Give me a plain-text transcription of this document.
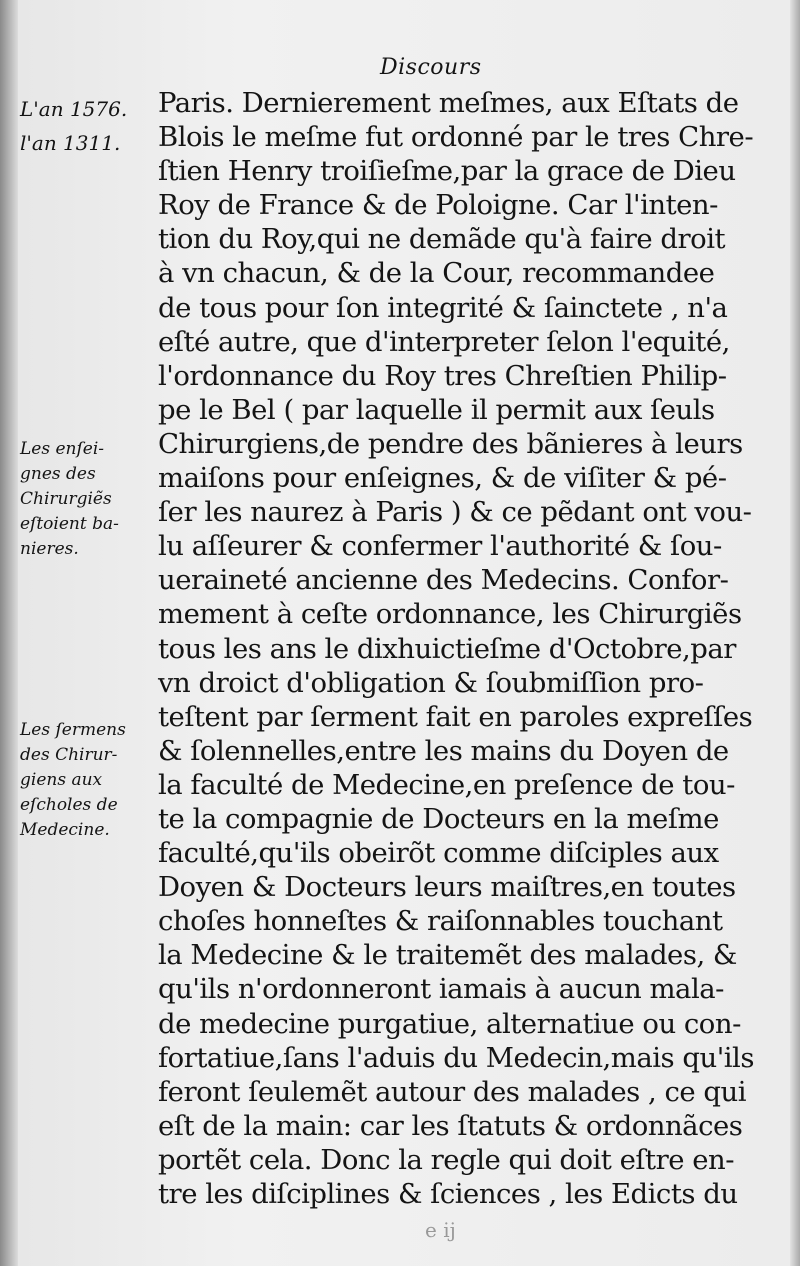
Discours
L'an 1576.
l'an 1311.
Les enſei-
gnes des
Chirurgiẽs
eſtoient ba-
nieres.
Les ſermens
des Chirur-
giens aux
eſcholes de
Medecine.
Paris. Dernierement meſmes, aux Eſtats de
Blois le meſme fut ordonné par le tres Chre-
ſtien Henry troiſieſme,par la grace de Dieu
Roy de France & de Poloigne. Car l'inten-
tion du Roy,qui ne demãde qu'à faire droit
à vn chacun, & de la Cour, recommandee
de tous pour ſon integrité & ſainctete , n'a
eſté autre, que d'interpreter ſelon l'equité,
l'ordonnance du Roy tres Chreſtien Philip-
pe le Bel ( par laquelle il permit aux ſeuls
Chirurgiens,de pendre des bãnieres à leurs
maiſons pour enſeignes, & de viſiter & pé-
ſer les naurez à Paris ) & ce pẽdant ont vou-
lu aſſeurer & confermer l'authorité & ſou-
ueraineté ancienne des Medecins. Confor-
mement à ceſte ordonnance, les Chirurgiẽs
tous les ans le dixhuictieſme d'Octobre,par
vn droict d'obligation & ſoubmiſſion pro-
teſtent par ſerment fait en paroles expreſſes
& ſolennelles,entre les mains du Doyen de
la faculté de Medecine,en preſence de tou-
te la compagnie de Docteurs en la meſme
faculté,qu'ils obeirõt comme diſciples aux
Doyen & Docteurs leurs maiſtres,en toutes
choſes honneſtes & raiſonnables touchant
la Medecine & le traitemẽt des malades, &
qu'ils n'ordonneront iamais à aucun mala-
de medecine purgatiue, alternatiue ou con-
fortatiue,ſans l'aduis du Medecin,mais qu'ils
feront ſeulemẽt autour des malades , ce qui
eſt de la main: car les ſtatuts & ordonnãces
portẽt cela. Donc la regle qui doit eſtre en-
tre les diſciplines & ſciences , les Edicts du
e ij
